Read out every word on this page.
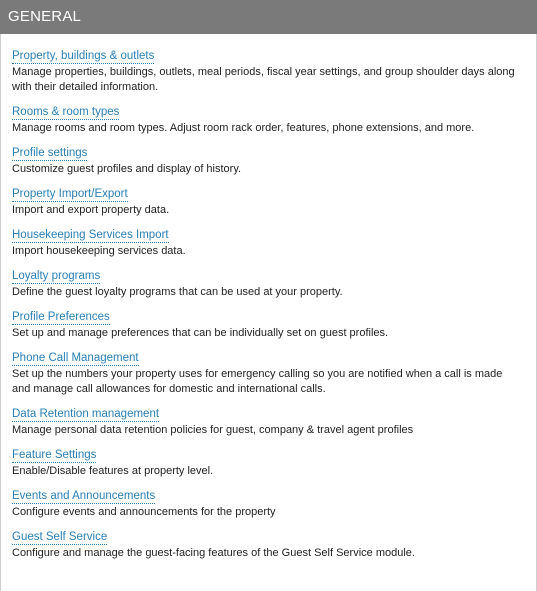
GENERAL
Property, buildings & outlets
Manage properties, buildings, outlets, meal periods, fiscal year settings, and group shoulder days along with their detailed information.
Rooms & room types
Manage rooms and room types. Adjust room rack order, features, phone extensions, and more.
Profile settings
Customize guest profiles and display of history.
Property Import/Export
Import and export property data.
Housekeeping Services Import
Import housekeeping services data.
Loyalty programs
Define the guest loyalty programs that can be used at your property.
Profile Preferences
Set up and manage preferences that can be individually set on guest profiles.
Phone Call Management
Set up the numbers your property uses for emergency calling so you are notified when a call is made and manage call allowances for domestic and international calls.
Data Retention management
Manage personal data retention policies for guest, company & travel agent profiles
Feature Settings
Enable/Disable features at property level.
Events and Announcements
Configure events and announcements for the property
Guest Self Service
Configure and manage the guest-facing features of the Guest Self Service module.
